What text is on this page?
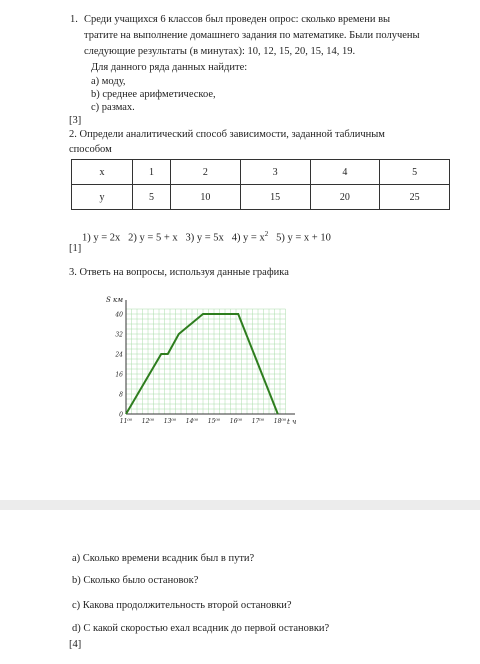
1. Среди учащихся 6 классов был проведен опрос: сколько времени вы
тратите на выполнение домашнего задания по математике. Были получены
следующие результаты (в минутах): 10, 12, 15, 20, 15, 14, 19.
Для данного ряда данных найдите:
а) моду,
b) среднее арифметическое,
с) размах.
[3]
2. Определи аналитический способ зависимости, заданной табличным
способом
x	1	2	3	4	5
y	5	10	15	20	25
1) y = 2x 2) y = 5 + x 3) y = 5x 4) $y = x^2$ 5) y = x + 10
[1]
3. Ответь на вопросы, используя данные графика
0
8
16
24
32
40
11⁰⁰ 12⁰⁰ 13⁰⁰ 14⁰⁰ 15⁰⁰ 16⁰⁰ 17⁰⁰ 18⁰⁰
S км
t ч
a) Сколько времени всадник был в пути?
b) Сколько было остановок?
c) Какова продолжительность второй остановки?
d) С какой скоростью ехал всадник до первой остановки?
[4]
